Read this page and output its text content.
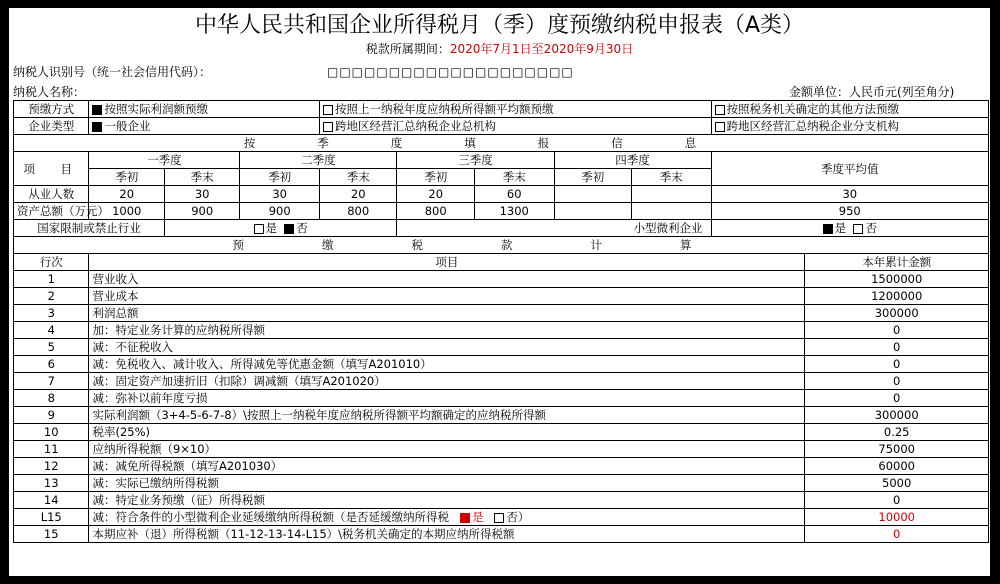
中华人民共和国企业所得税月（季）度预缴纳税申报表（A类）
税款所属期间：2020年7月1日至2020年9月30日
纳税人识别号（统一社会信用代码）：	□□□□□□□□□□□□□□□□□□□□
纳税人名称：	金额单位：人民币元(列至角分)
预缴方式	按照实际利润额预缴			按照上一纳税年度应纳税所得额平均额预缴					按照税务机关确定的其他方法预缴	
企业类型	一般企业			跨地区经营汇总纳税企业总机构					跨地区经营汇总纳税企业分支机构	
按季度填报信息										
项　目	一季度		二季度		三季度		四季度		季度平均值	
	季初	季末	季初	季末	季初	季末	季初	季末		
从业人数	20	30	30	20	20	60			30	
资产总额（万元）	1000	900	900	800	800	1300			950	
国家限制或禁止行业		是 否			小型微利企业				是 否	
预缴税款计算										
行次	项目									本年累计金额
1	营业收入									1500000
2	营业成本									1200000
3	利润总额									300000
4	加：特定业务计算的应纳税所得额									0
5	减：不征税收入									0
6	减：免税收入、减计收入、所得减免等优惠金额（填写A201010）									0
7	减：固定资产加速折旧（扣除）调减额（填写A201020）									0
8	减：弥补以前年度亏损									0
9	实际利润额（3+4-5-6-7-8）\按照上一纳税年度应纳税所得额平均额确定的应纳税所得额									300000
10	税率(25%)									0.25
11	应纳所得税额（9×10）									75000
12	减：减免所得税额（填写A201030）									60000
13	减：实际已缴纳所得税额									5000
14	减：特定业务预缴（征）所得税额									0
L15	减：符合条件的小型微利企业延缓缴纳所得税额（是否延缓缴纳所得税 是 否）									10000
15	本期应补（退）所得税额（11-12-13-14-L15）\税务机关确定的本期应纳所得税额									0
